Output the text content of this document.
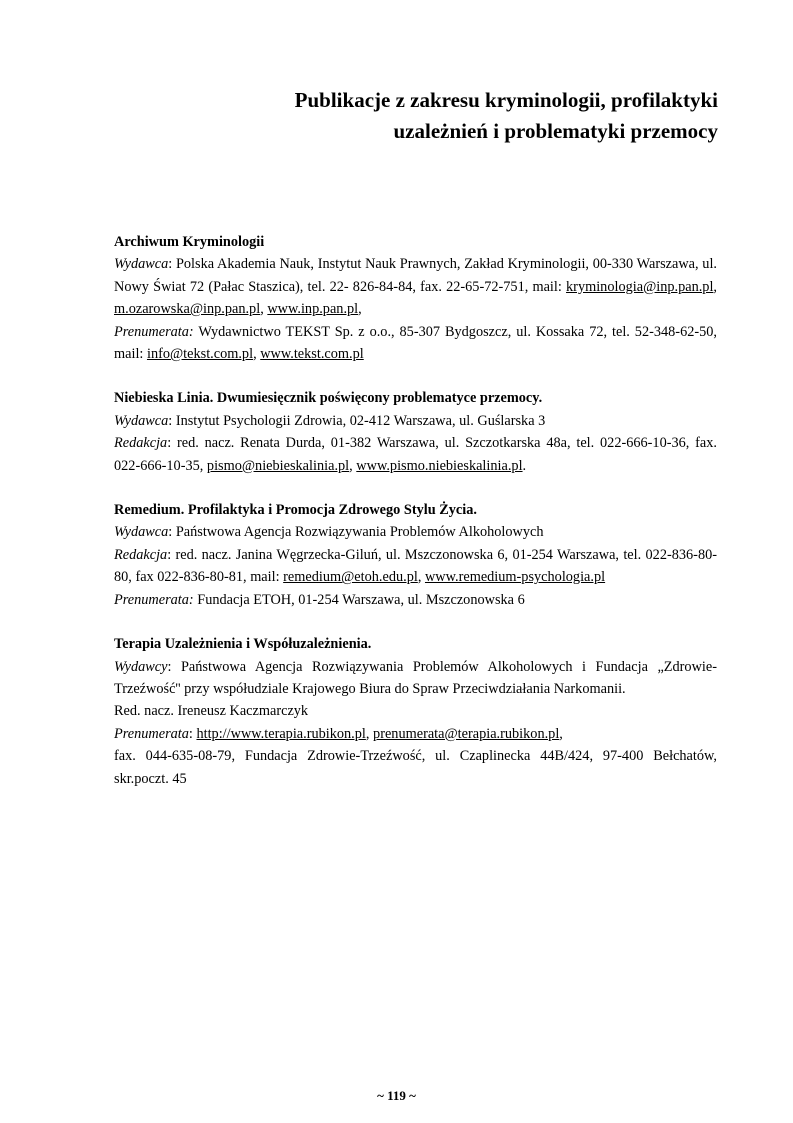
Publikacje z zakresu kryminologii, profilaktyki
uzależnień i problematyki przemocy

Archiwum Kryminologii

Wydawca: Polska Akademia Nauk, Instytut Nauk Prawnych, Zakład Kryminologii, 00-330 Warszawa, ul. Nowy Świat 72 (Pałac Staszica), tel. 22- 826-84-84, fax. 22-65-72-751, mail: kryminologia@inp.pan.pl, m.ozarowska@inp.pan.pl, www.inp.pan.pl,

Prenumerata: Wydawnictwo TEKST Sp. z o.o., 85-307 Bydgoszcz, ul. Kossaka 72, tel. 52-348-62-50, mail: info@tekst.com.pl, www.tekst.com.pl

Niebieska Linia. Dwumiesięcznik poświęcony problematyce przemocy.

Wydawca: Instytut Psychologii Zdrowia, 02-412 Warszawa, ul. Guślarska 3

Redakcja: red. nacz. Renata Durda, 01-382 Warszawa, ul. Szczotkarska 48a, tel. 022-666-10-36, fax. 022-666-10-35, pismo@niebieskalinia.pl, www.pismo.niebieskalinia.pl.

Remedium. Profilaktyka i Promocja Zdrowego Stylu Życia.

Wydawca: Państwowa Agencja Rozwiązywania Problemów Alkoholowych

Redakcja: red. nacz. Janina Węgrzecka-Giluń, ul. Mszczonowska 6, 01-254 Warszawa, tel. 022-836-80-80, fax 022-836-80-81, mail: remedium@etoh.edu.pl, www.remedium-psychologia.pl

Prenumerata: Fundacja ETOH, 01-254 Warszawa, ul. Mszczonowska 6

Terapia Uzależnienia i Współuzależnienia.

Wydawcy: Państwowa Agencja Rozwiązywania Problemów Alkoholowych i Fundacja „Zdrowie-Trzeźwość'' przy współudziale Krajowego Biura do Spraw Przeciwdziałania Narkomanii.

Red. nacz. Ireneusz Kaczmarczyk

Prenumerata: http://www.terapia.rubikon.pl, prenumerata@terapia.rubikon.pl,

fax. 044-635-08-79, Fundacja Zdrowie-Trzeźwość, ul. Czaplinecka 44B/424, 97-400 Bełchatów, skr.poczt. 45

~ 119 ~
